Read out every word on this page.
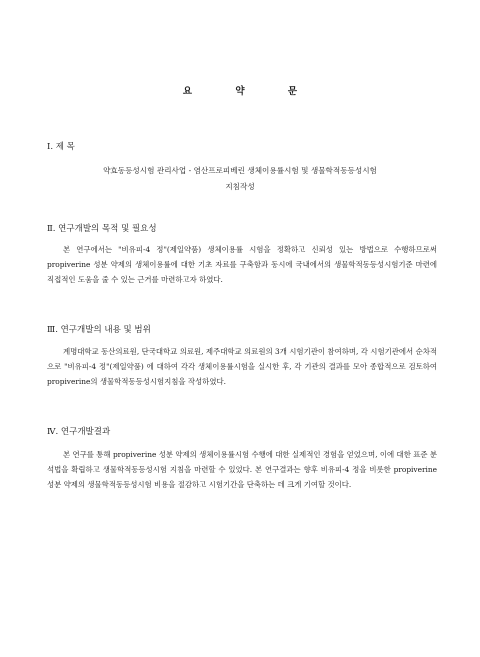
요 약 문
Ⅰ. 제 목
약효동등성시험 관리사업 - 염산프로피베린 생체이용률시험 및 생물학적동등성시험
지침작성
Ⅱ. 연구개발의 목적 및 필요성
본 연구에서는 "비유피-4 정"(제일약품) 생체이용률 시험을 정확하고 신뢰성 있는 방법으로 수행하므로써 propiverine 성분 약제의 생체이용률에 대한 기초 자료를 구축함과 동시에 국내에서의 생물학적동등성시험기준 마련에 직접적인 도움을 줄 수 있는 근거를 마련하고자 하였다.
Ⅲ. 연구개발의 내용 및 범위
계명대학교 동산의료원, 단국대학교 의료원, 제주대학교 의료원의 3개 시험기관이 참여하며, 각 시험기관에서 순차적으로 "비유피-4 정"(제일약품) 에 대하여 각각 생체이용률시험을 실시한 후, 각 기관의 결과를 모아 종합적으로 검토하여 propiverine의 생물학적동등성시험지침을 작성하였다.
Ⅳ. 연구개발결과
본 연구를 통해 propiverine 성분 약제의 생체이용률시험 수행에 대한 실제적인 경험을 얻었으며, 이에 대한 표준 분석법을 확립하고 생물학적동등성시험 지침을 마련할 수 있었다. 본 연구결과는 향후 비유피-4 정을 비롯한 propiverine 성분 약제의 생물학적동등성시험 비용을 절감하고 시험기간을 단축하는 데 크게 기여할 것이다.
